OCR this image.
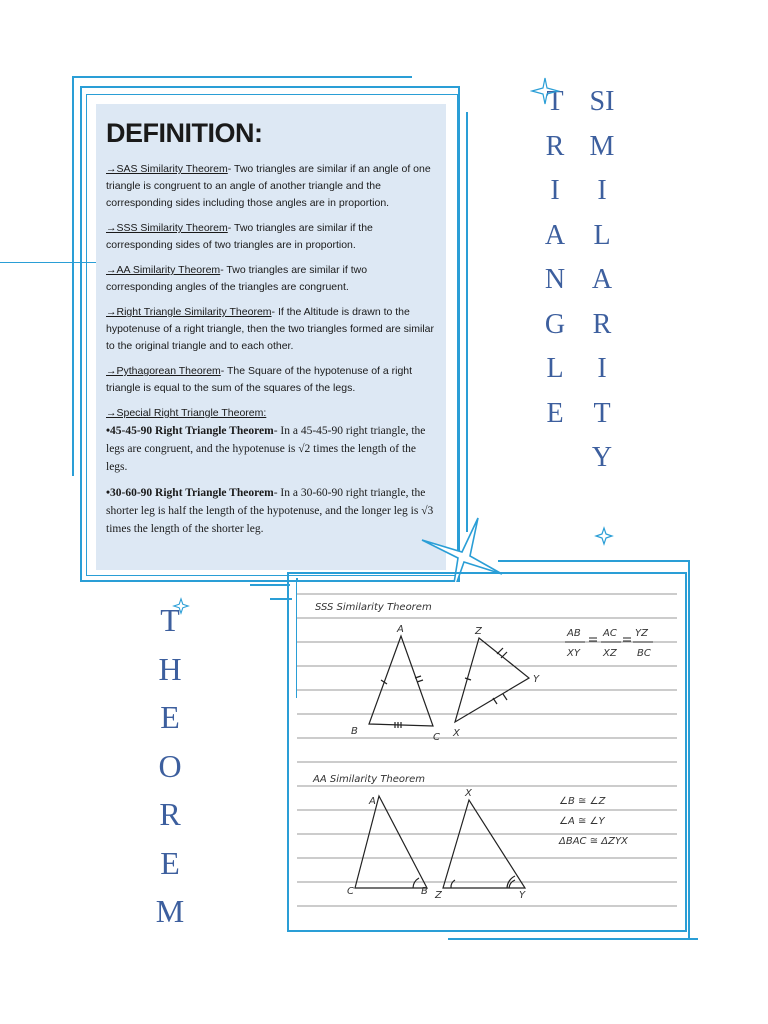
DEFINITION:
→SAS Similarity Theorem- Two triangles are similar if an angle of one triangle is congruent to an angle of another triangle and the corresponding sides including those angles are in proportion.
→SSS Similarity Theorem- Two triangles are similar if the corresponding sides of two triangles are in proportion.
→AA Similarity Theorem- Two triangles are similar if two corresponding angles of the triangles are congruent.
→Right Triangle Similarity Theorem- If the Altitude is drawn to the hypotenuse of a right triangle, then the two triangles formed are similar to the original triangle and to each other.
→Pythagorean Theorem- The Square of the hypotenuse of a right triangle is equal to the sum of the squares of the legs.
→Special Right Triangle Theorem:
•45-45-90 Right Triangle Theorem- In a 45-45-90 right triangle, the legs are congruent, and the hypotenuse is √2 times the length of the legs.
•30-60-90 Right Triangle Theorem- In a 30-60-90 right triangle, the shorter leg is half the length of the hypotenuse, and the longer leg is √3 times the length of the shorter leg.
T
R
I
A
N
G
L
E
SI
M
I
L
A
R
I
T
Y
T
H
E
O
R
E
M
SSS Similarity Theorem
AA Similarity Theorem
A
B
C
Z
Y
X
AB AC YZ
XY XZ BC
A
C	B
X
Z	Y
∠B ≅ ∠Z
∠A ≅ ∠Y
ΔBAC ≅ ΔZYX
